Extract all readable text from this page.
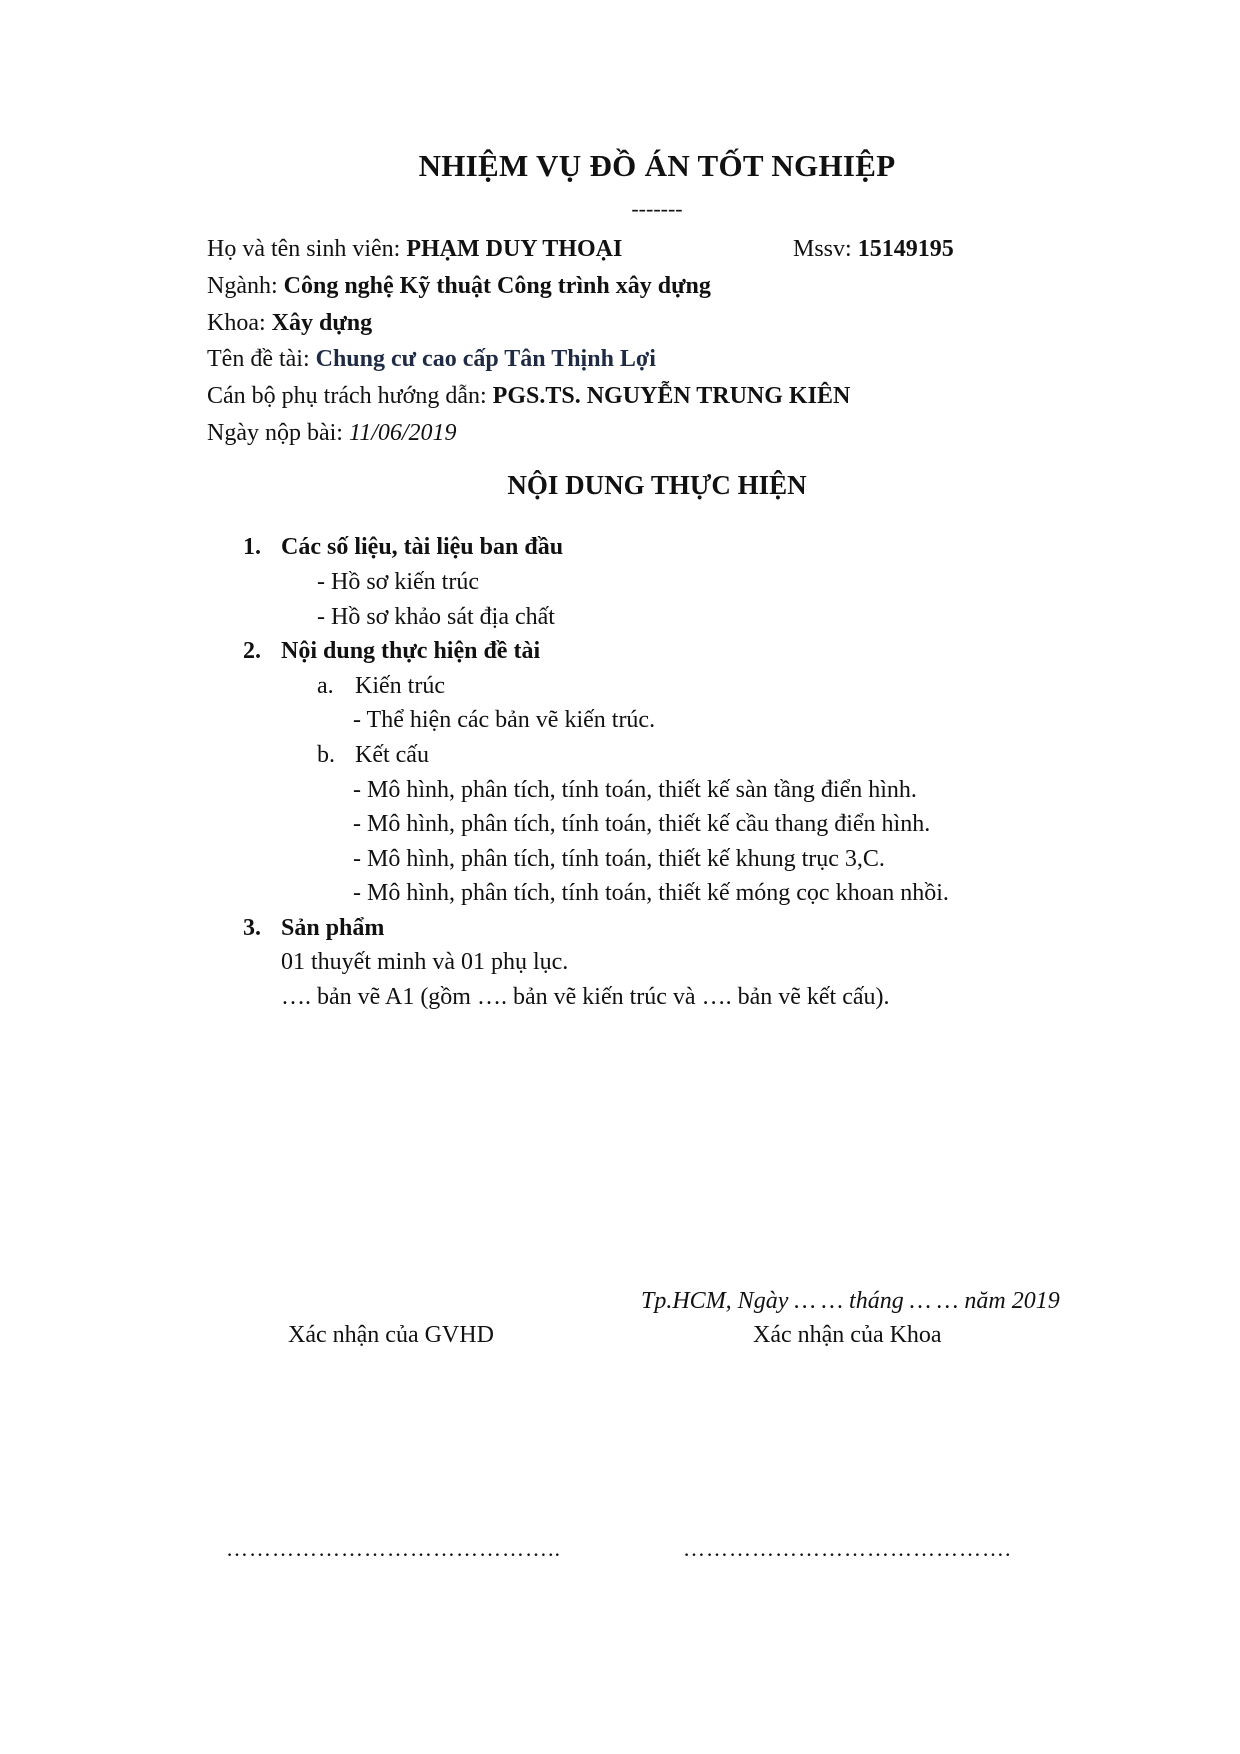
NHIỆM VỤ ĐỒ ÁN TỐT NGHIỆP
-------
Họ và tên sinh viên: PHẠM DUY THOẠI	Mssv: 15149195
Ngành: Công nghệ Kỹ thuật Công trình xây dựng
Khoa: Xây dựng
Tên đề tài: Chung cư cao cấp Tân Thịnh Lợi
Cán bộ phụ trách hướng dẫn: PGS.TS. NGUYỄN TRUNG KIÊN
Ngày nộp bài: 11/06/2019
NỘI DUNG THỰC HIỆN
1. Các số liệu, tài liệu ban đầu
- Hồ sơ kiến trúc
- Hồ sơ khảo sát địa chất
2. Nội dung thực hiện đề tài
a. Kiến trúc
- Thể hiện các bản vẽ kiến trúc.
b. Kết cấu
- Mô hình, phân tích, tính toán, thiết kế sàn tầng điển hình.
- Mô hình, phân tích, tính toán, thiết kế cầu thang điển hình.
- Mô hình, phân tích, tính toán, thiết kế khung trục 3,C.
- Mô hình, phân tích, tính toán, thiết kế móng cọc khoan nhồi.
3. Sản phẩm
01 thuyết minh và 01 phụ lục.
…. bản vẽ A1 (gồm …. bản vẽ kiến trúc và …. bản vẽ kết cấu).
Tp.HCM, Ngày … … tháng … … năm 2019
Xác nhận của GVHD	Xác nhận của Khoa
……………………………………..	…………………………………….
